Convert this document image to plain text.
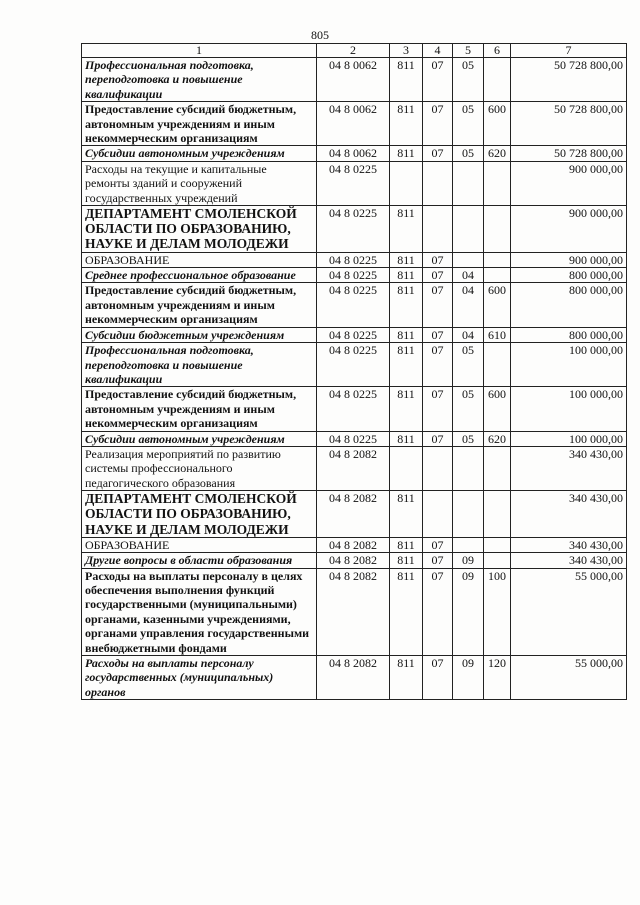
805
1	2	3	4	5	6	7
Профессиональная подготовка, переподготовка и повышение квалификации	04 8 0062	811	07	05		50 728 800,00
Предоставление субсидий бюджетным, автономным учреждениям и иным некоммерческим организациям	04 8 0062	811	07	05	600	50 728 800,00
Субсидии автономным учреждениям	04 8 0062	811	07	05	620	50 728 800,00
Расходы на текущие и капитальные ремонты зданий и сооружений государственных учреждений	04 8 0225					900 000,00
ДЕПАРТАМЕНТ СМОЛЕНСКОЙ ОБЛАСТИ ПО ОБРАЗОВАНИЮ, НАУКЕ И ДЕЛАМ МОЛОДЕЖИ	04 8 0225	811				900 000,00
ОБРАЗОВАНИЕ	04 8 0225	811	07			900 000,00
Среднее профессиональное образование	04 8 0225	811	07	04		800 000,00
Предоставление субсидий бюджетным, автономным учреждениям и иным некоммерческим организациям	04 8 0225	811	07	04	600	800 000,00
Субсидии бюджетным учреждениям	04 8 0225	811	07	04	610	800 000,00
Профессиональная подготовка, переподготовка и повышение квалификации	04 8 0225	811	07	05		100 000,00
Предоставление субсидий бюджетным, автономным учреждениям и иным некоммерческим организациям	04 8 0225	811	07	05	600	100 000,00
Субсидии автономным учреждениям	04 8 0225	811	07	05	620	100 000,00
Реализация мероприятий по развитию системы профессионального педагогического образования	04 8 2082					340 430,00
ДЕПАРТАМЕНТ СМОЛЕНСКОЙ ОБЛАСТИ ПО ОБРАЗОВАНИЮ, НАУКЕ И ДЕЛАМ МОЛОДЕЖИ	04 8 2082	811				340 430,00
ОБРАЗОВАНИЕ	04 8 2082	811	07			340 430,00
Другие вопросы в области образования	04 8 2082	811	07	09		340 430,00
Расходы на выплаты персоналу в целях обеспечения выполнения функций государственными (муниципальными) органами, казенными учреждениями, органами управления государственными внебюджетными фондами	04 8 2082	811	07	09	100	55 000,00
Расходы на выплаты персоналу государственных (муниципальных) органов	04 8 2082	811	07	09	120	55 000,00
